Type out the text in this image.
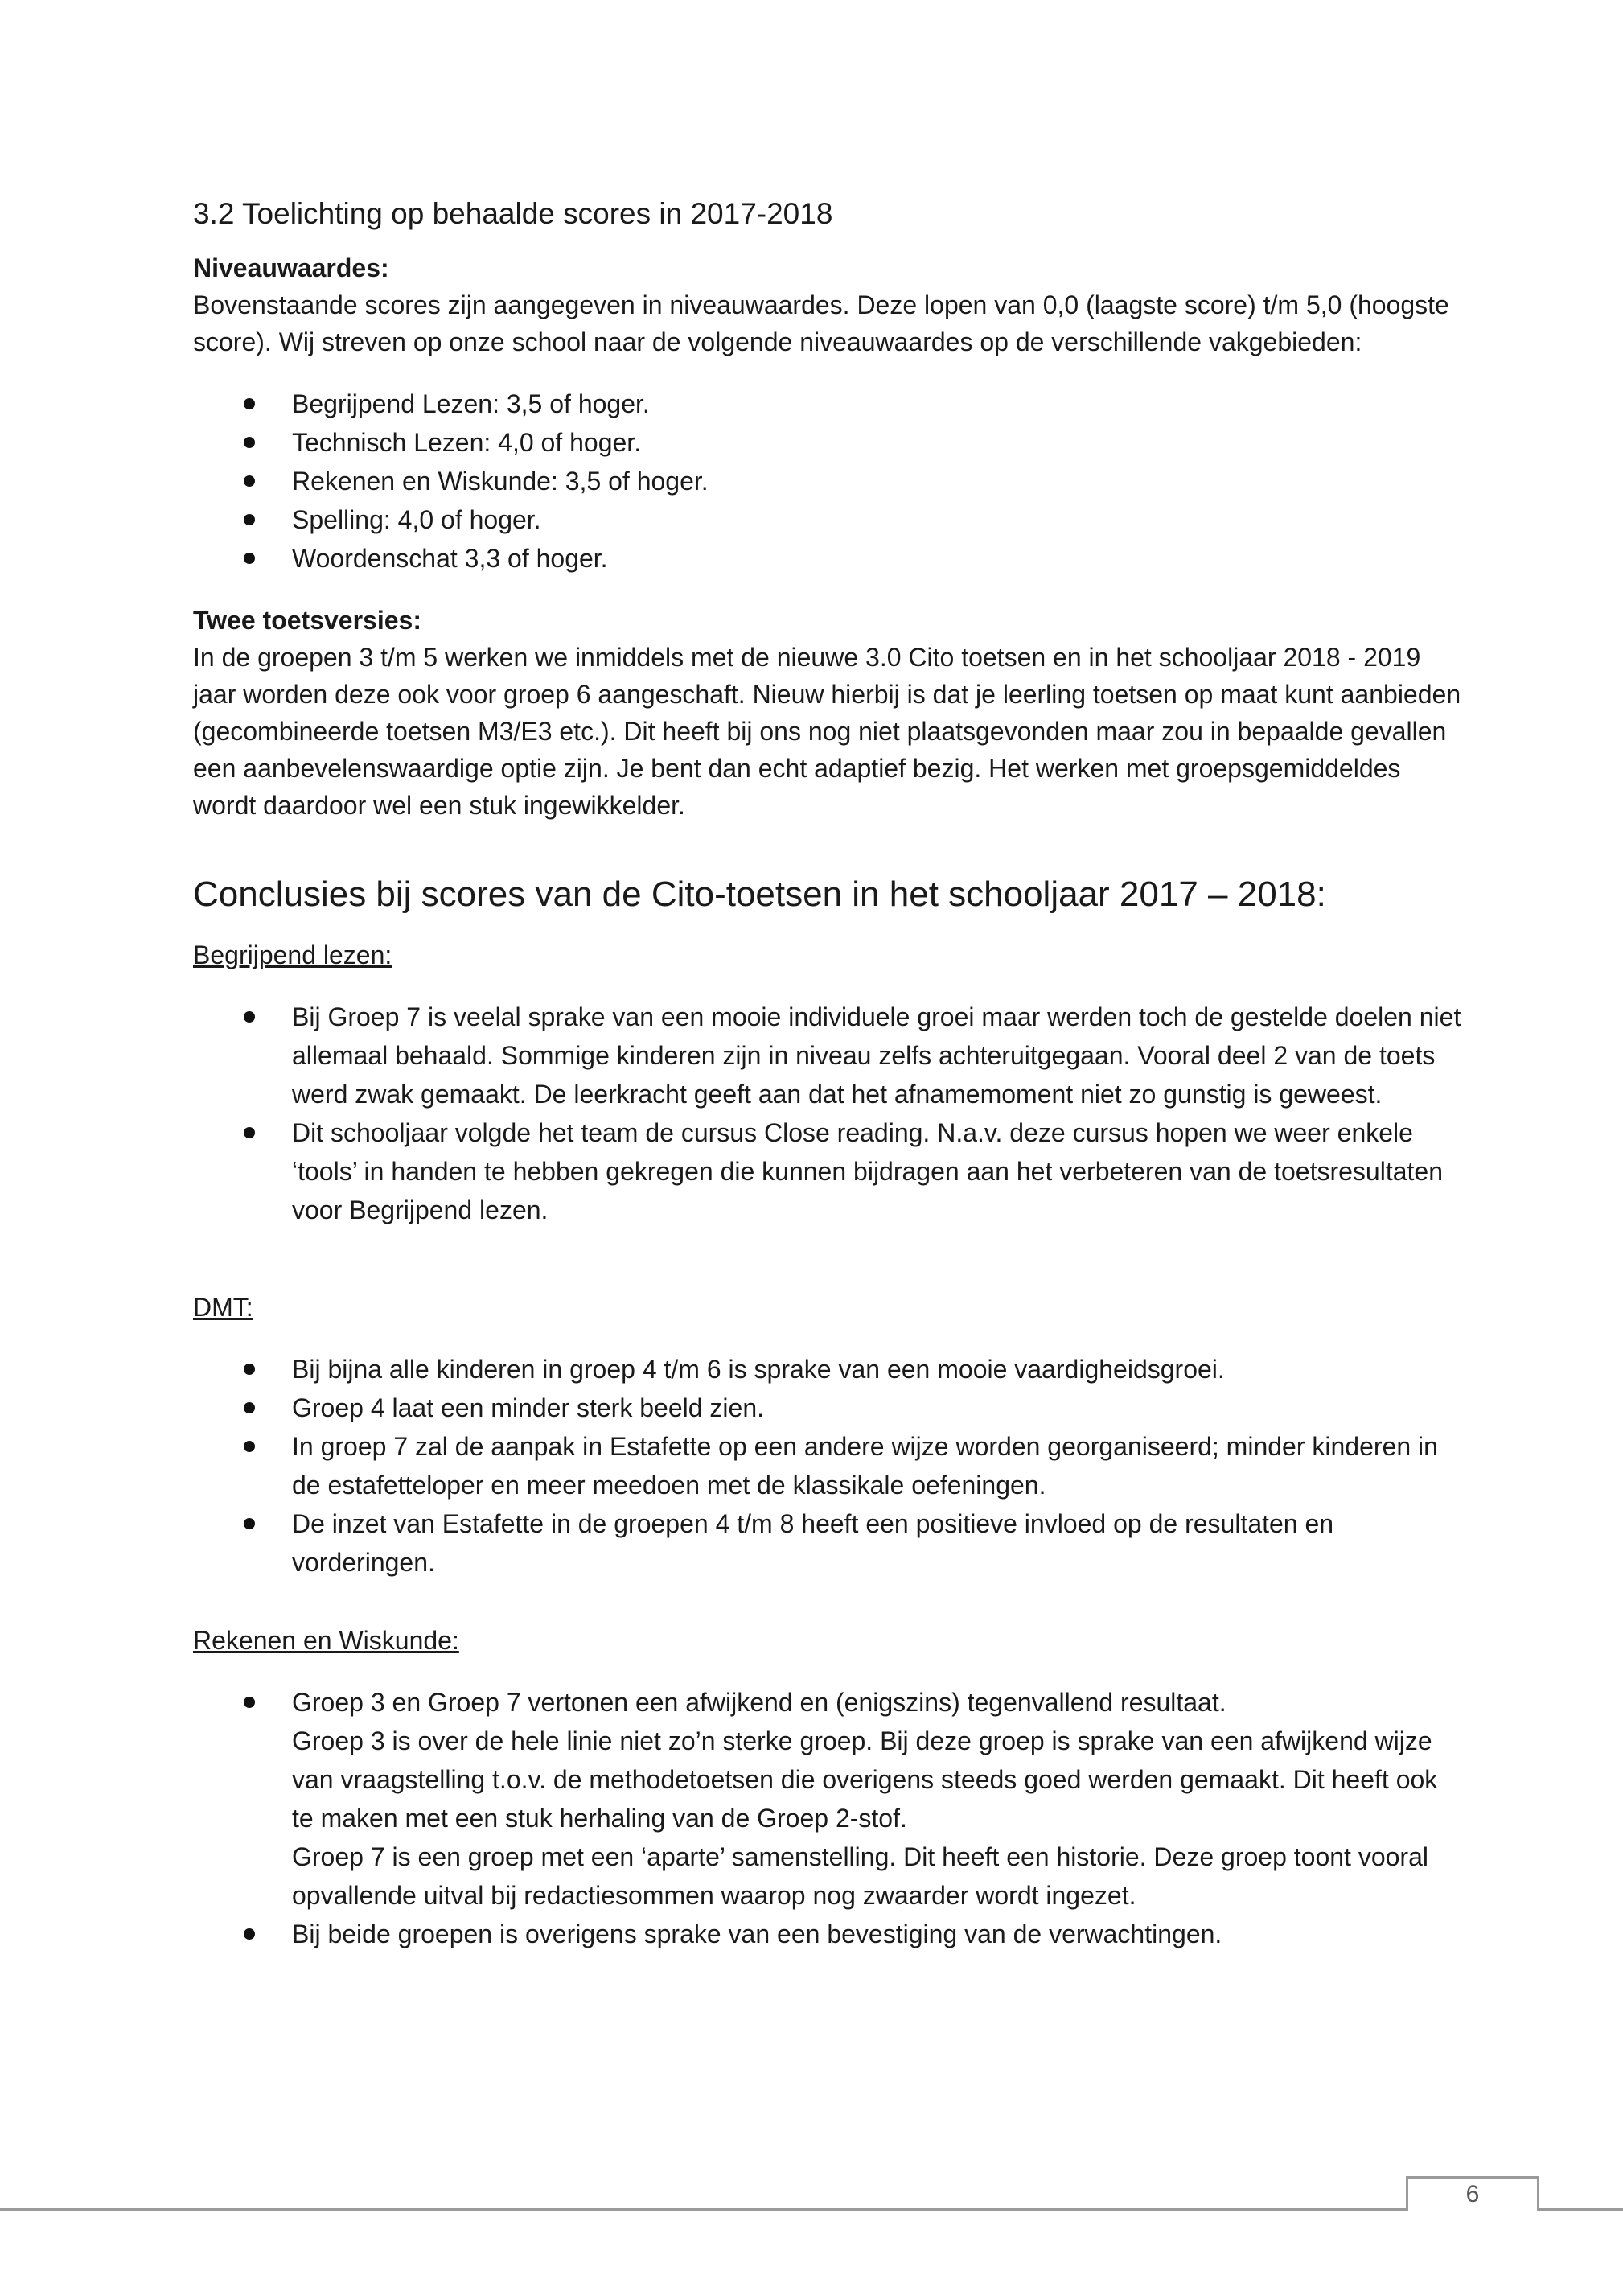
3.2 Toelichting op behaalde scores in 2017-2018

Niveauwaardes:

Bovenstaande scores zijn aangegeven in niveauwaardes. Deze lopen van 0,0 (laagste score) t/m 5,0 (hoogste score). Wij streven op onze school naar de volgende niveauwaardes op de verschillende vakgebieden:

Begrijpend Lezen: 3,5 of hoger.
Technisch Lezen: 4,0 of hoger.
Rekenen en Wiskunde: 3,5 of hoger.
Spelling: 4,0 of hoger.
Woordenschat 3,3 of hoger.

Twee toetsversies:

In de groepen 3 t/m 5 werken we inmiddels met de nieuwe 3.0 Cito toetsen en in het schooljaar 2018 - 2019 jaar worden deze ook voor groep 6 aangeschaft. Nieuw hierbij is dat je leerling toetsen op maat kunt aanbieden (gecombineerde toetsen M3/E3 etc.). Dit heeft bij ons nog niet plaatsgevonden maar zou in bepaalde gevallen een aanbevelenswaardige optie zijn. Je bent dan echt adaptief bezig. Het werken met groepsgemiddeldes wordt daardoor wel een stuk ingewikkelder.

Conclusies bij scores van de Cito-toetsen in het schooljaar 2017 – 2018:

Begrijpend lezen:

Bij Groep 7 is veelal sprake van een mooie individuele groei maar werden toch de gestelde doelen niet allemaal behaald. Sommige kinderen zijn in niveau zelfs achteruitgegaan. Vooral deel 2 van de toets werd zwak gemaakt. De leerkracht geeft aan dat het afnamemoment niet zo gunstig is geweest.
Dit schooljaar volgde het team de cursus Close reading. N.a.v. deze cursus hopen we weer enkele ‘tools’ in handen te hebben gekregen die kunnen bijdragen aan het verbeteren van de toetsresultaten voor Begrijpend lezen.

DMT:

Bij bijna alle kinderen in groep 4 t/m 6 is sprake van een mooie vaardigheidsgroei.
Groep 4 laat een minder sterk beeld zien.
In groep 7 zal de aanpak in Estafette op een andere wijze worden georganiseerd; minder kinderen in de estafetteloper en meer meedoen met de klassikale oefeningen.
De inzet van Estafette in de groepen 4 t/m 8 heeft een positieve invloed op de resultaten en vorderingen.

Rekenen en Wiskunde:

Groep 3 en Groep 7 vertonen een afwijkend en (enigszins) tegenvallend resultaat.
Groep 3 is over de hele linie niet zo’n sterke groep. Bij deze groep is sprake van een afwijkend wijze van vraagstelling t.o.v. de methodetoetsen die overigens steeds goed werden gemaakt. Dit heeft ook te maken met een stuk herhaling van de Groep 2-stof.
Groep 7 is een groep met een ‘aparte’ samenstelling. Dit heeft een historie. Deze groep toont vooral opvallende uitval bij redactiesommen waarop nog zwaarder wordt ingezet.
Bij beide groepen is overigens sprake van een bevestiging van de verwachtingen.
6
